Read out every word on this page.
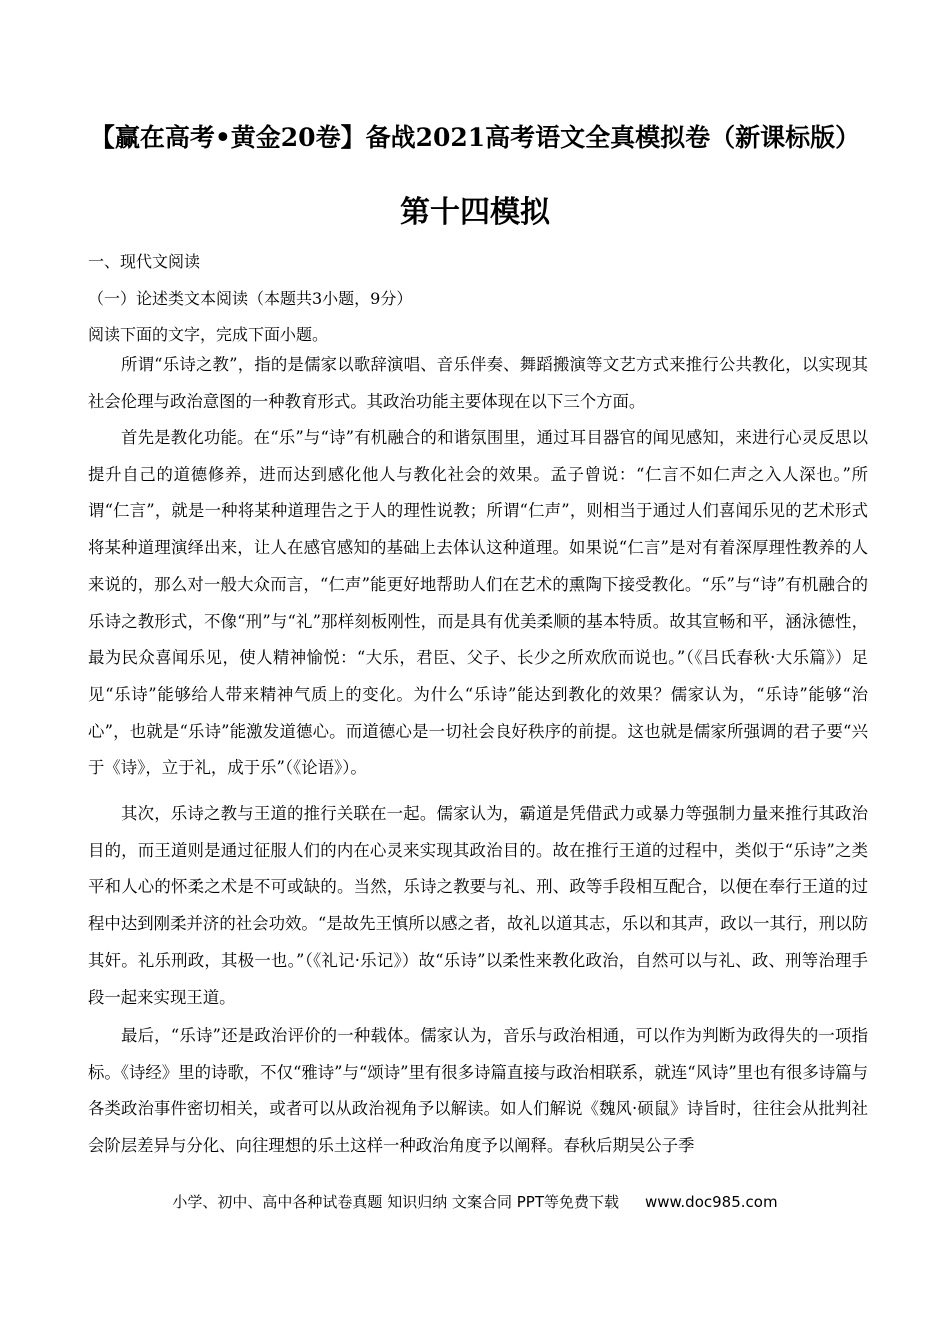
【赢在高考•黄金20卷】备战2021高考语文全真模拟卷（新课标版）
第十四模拟
一、现代文阅读
（一）论述类文本阅读（本题共3小题，9分）
阅读下面的文字，完成下面小题。
所谓“乐诗之教”，指的是儒家以歌辞演唱、音乐伴奏、舞蹈搬演等文艺方式来推行公共教化，以实现其社会伦理与政治意图的一种教育形式。其政治功能主要体现在以下三个方面。
首先是教化功能。在“乐”与“诗”有机融合的和谐氛围里，通过耳目器官的闻见感知，来进行心灵反思以提升自己的道德修养，进而达到感化他人与教化社会的效果。孟子曾说：“仁言不如仁声之入人深也。”所谓“仁言”，就是一种将某种道理告之于人的理性说教；所谓“仁声”，则相当于通过人们喜闻乐见的艺术形式将某种道理演绎出来，让人在感官感知的基础上去体认这种道理。如果说“仁言”是对有着深厚理性教养的人来说的，那么对一般大众而言，“仁声”能更好地帮助人们在艺术的熏陶下接受教化。“乐”与“诗”有机融合的乐诗之教形式，不像“刑”与“礼”那样刻板刚性，而是具有优美柔顺的基本特质。故其宣畅和平，涵泳德性，最为民众喜闻乐见，使人精神愉悦：“大乐，君臣、父子、长少之所欢欣而说也。”（《吕氏春秋·大乐篇》）足见“乐诗”能够给人带来精神气质上的变化。为什么“乐诗”能达到教化的效果？儒家认为，“乐诗”能够“治心”，也就是“乐诗”能激发道德心。而道德心是一切社会良好秩序的前提。这也就是儒家所强调的君子要“兴于《诗》，立于礼，成于乐”（《论语》）。
其次，乐诗之教与王道的推行关联在一起。儒家认为，霸道是凭借武力或暴力等强制力量来推行其政治目的，而王道则是通过征服人们的内在心灵来实现其政治目的。故在推行王道的过程中，类似于“乐诗”之类平和人心的怀柔之术是不可或缺的。当然，乐诗之教要与礼、刑、政等手段相互配合，以便在奉行王道的过程中达到刚柔并济的社会功效。“是故先王慎所以感之者，故礼以道其志，乐以和其声，政以一其行，刑以防其奸。礼乐刑政，其极一也。”（《礼记·乐记》）故“乐诗”以柔性来教化政治，自然可以与礼、政、刑等治理手段一起来实现王道。
最后，“乐诗”还是政治评价的一种载体。儒家认为，音乐与政治相通，可以作为判断为政得失的一项指标。《诗经》里的诗歌，不仅“雅诗”与“颂诗”里有很多诗篇直接与政治相联系，就连“风诗”里也有很多诗篇与各类政治事件密切相关，或者可以从政治视角予以解读。如人们解说《魏风·硕鼠》诗旨时，往往会从批判社会阶层差异与分化、向往理想的乐土这样一种政治角度予以阐释。春秋后期吴公子季
小学、初中、高中各种试卷真题 知识归纳 文案合同 PPT等免费下载 www.doc985.com
